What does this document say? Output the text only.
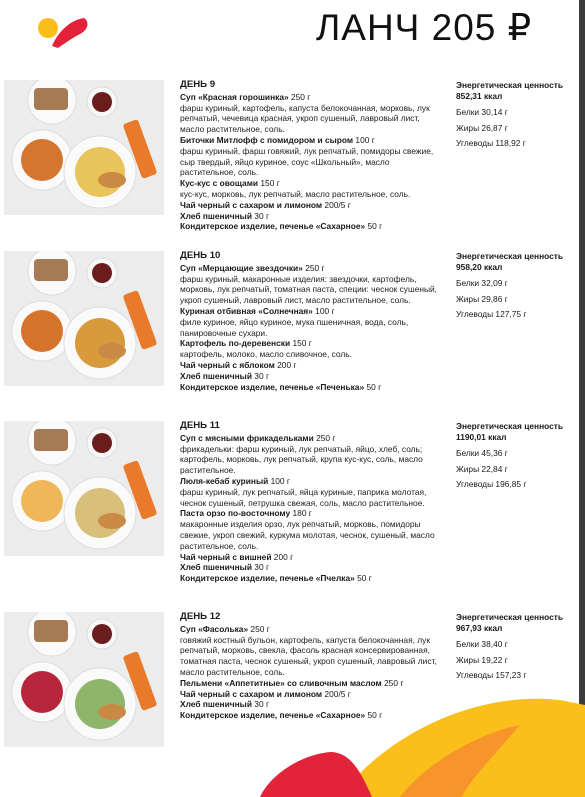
ЛАНЧ 205 ₽
ДЕНЬ 9
Суп «Красная горошинка» 250 г
фарш куриный, картофель, капуста белокочанная, морковь, лук репчатый, чечевица красная, укроп сушеный, лавровый лист, масло растительное, соль.
Биточки Митлофф с помидором и сыром 100 г
фарш куриный, фарш говяжий, лук репчатый, помидоры свежие, сыр твердый, яйцо куриное, соус «Школьный», масло растительное, соль.
Кус-кус с овощами 150 г
кус-кус, морковь, лук репчатый, масло растительное, соль.
Чай черный с сахаром и лимоном 200/5 г
Хлеб пшеничный 30 г
Кондитерское изделие, печенье «Сахарное» 50 г
Энергетическая ценность 852,31 ккал
Белки 30,14 г
Жиры 26,87 г
Углеводы 118,92 г
ДЕНЬ 10
Суп «Мерцающие звездочки» 250 г
фарш куриный, макаронные изделия: звездочки, картофель, морковь, лук репчатый, томатная паста, специи: чеснок сушеный, укроп сушеный, лавровый лист, масло растительное, соль.
Куриная отбивная «Солнечная» 100 г
филе куриное, яйцо куриное, мука пшеничная, вода, соль, панировочные сухари.
Картофель по-деревенски 150 г
картофель, молоко, масло сливочное, соль.
Чай черный с яблоком 200 г
Хлеб пшеничный 30 г
Кондитерское изделие, печенье «Печенька» 50 г
Энергетическая ценность 958,20 ккал
Белки 32,09 г
Жиры 29,86 г
Углеводы 127,75 г
ДЕНЬ 11
Суп с мясными фрикадельками 250 г
фрикадельки: фарш куриный, лук репчатый, яйцо, хлеб, соль; картофель, морковь, лук репчатый, крупа кус-кус, соль, масло растительное.
Люля-кебаб куриный 100 г
фарш куриный, лук репчатый, яйца куриные, паприка молотая, чеснок сушеный, петрушка свежая, соль, масло растительное.
Паста орзо по-восточному 180 г
макаронные изделия орзо, лук репчатый, морковь, помидоры свежие, укроп свежий, куркума молотая, чеснок, сушеный, масло растительное, соль.
Чай черный с вишней 200 г
Хлеб пшеничный 30 г
Кондитерское изделие, печенье «Пчелка» 50 г
Энергетическая ценность 1190,01 ккал
Белки 45,36 г
Жиры 22,84 г
Углеводы 196,85 г
ДЕНЬ 12
Суп «Фасолька» 250 г
говяжий костный бульон, картофель, капуста белокочанная, лук репчатый, морковь, свекла, фасоль красная консервированная, томатная паста, чеснок сушеный, укроп сушеный, лавровый лист, масло растительное, соль.
Пельмени «Аппетитные» со сливочным маслом 250 г
Чай черный с сахаром и лимоном 200/5 г
Хлеб пшеничный 30 г
Кондитерское изделие, печенье «Сахарное» 50 г
Энергетическая ценность 967,93 ккал
Белки 38,40 г
Жиры 19,22 г
Углеводы 157,23 г
